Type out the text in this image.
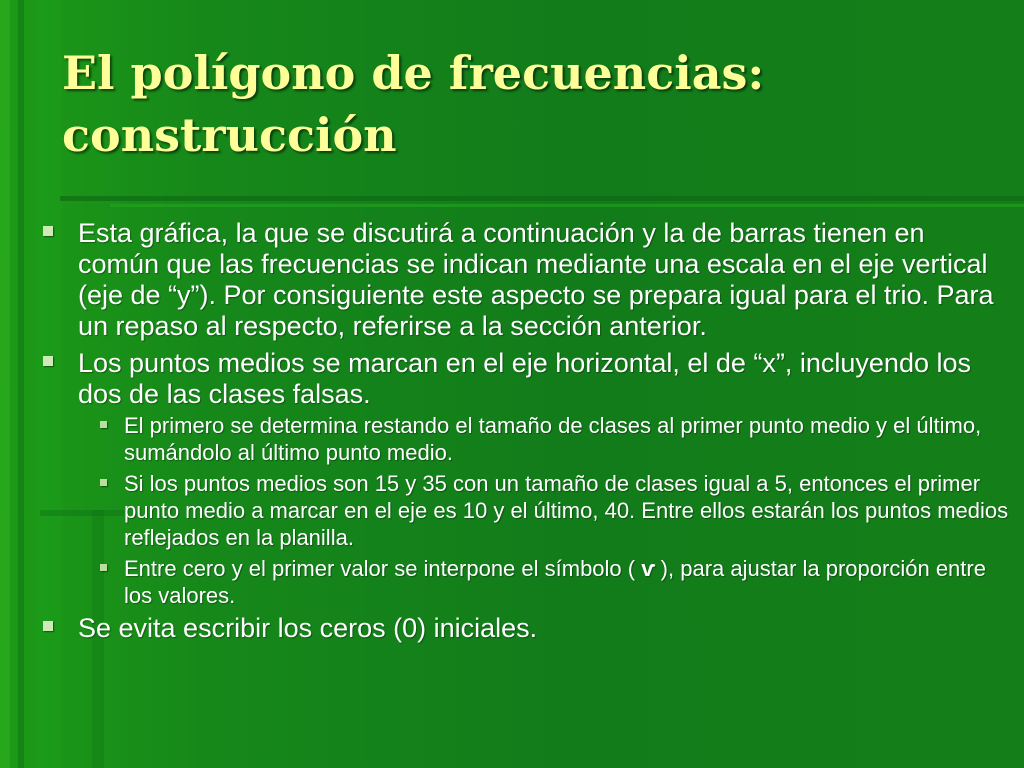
El polígono de frecuencias:
construcción
Esta gráfica, la que se discutirá a continuación y la de barras tienen en común que las frecuencias se indican mediante una escala en el eje vertical (eje de “y”). Por consiguiente este aspecto se prepara igual para el trio. Para un repaso al respecto, referirse a la sección anterior.
Los puntos medios se marcan en el eje horizontal, el de “x”, incluyendo los dos de las clases falsas.
El primero se determina restando el tamaño de clases al primer punto medio y el último, sumándolo al último punto medio.
Si los puntos medios son 15 y 35 con un tamaño de clases igual a 5, entonces el primer punto medio a marcar en el eje es 10 y el último, 40. Entre ellos estarán los puntos medios reflejados en la planilla.
Entre cero y el primer valor se interpone el símbolo ( ⱱ ), para ajustar la proporción entre los valores.
Se evita escribir los ceros (0) iniciales.
